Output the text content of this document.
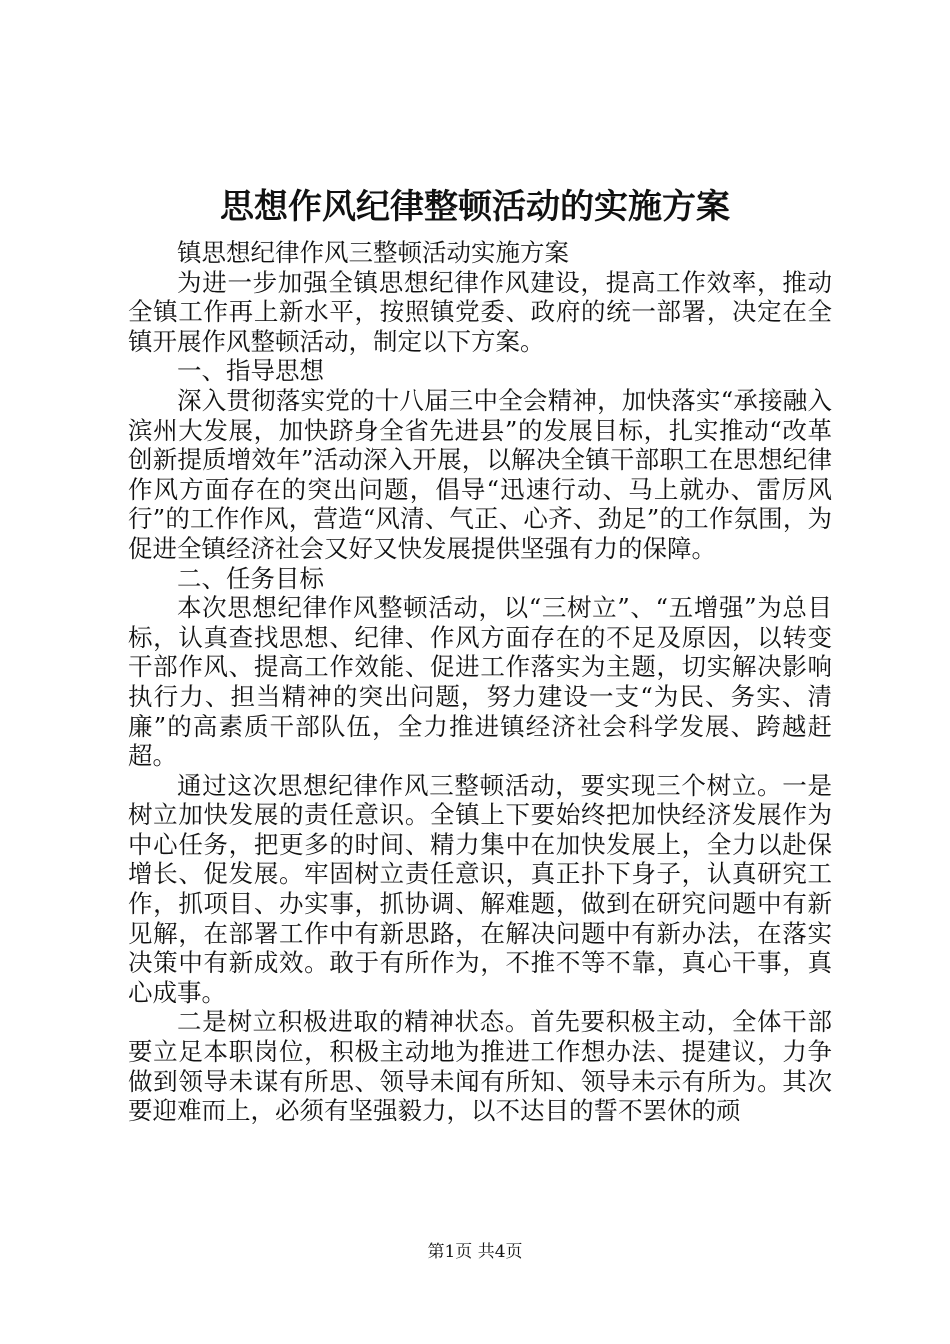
思想作风纪律整顿活动的实施方案

镇思想纪律作风三整顿活动实施方案

为进一步加强全镇思想纪律作风建设，提高工作效率，推动全镇工作再上新水平，按照镇党委、政府的统一部署，决定在全镇开展作风整顿活动，制定以下方案。

一、指导思想

深入贯彻落实党的十八届三中全会精神，加快落实“承接融入滨州大发展，加快跻身全省先进县”的发展目标，扎实推动“改革创新提质增效年”活动深入开展，以解决全镇干部职工在思想纪律作风方面存在的突出问题，倡导“迅速行动、马上就办、雷厉风行”的工作作风，营造“风清、气正、心齐、劲足”的工作氛围，为促进全镇经济社会又好又快发展提供坚强有力的保障。

二、任务目标

本次思想纪律作风整顿活动，以“三树立”、“五增强”为总目标，认真查找思想、纪律、作风方面存在的不足及原因，以转变干部作风、提高工作效能、促进工作落实为主题，切实解决影响执行力、担当精神的突出问题，努力建设一支“为民、务实、清廉”的高素质干部队伍，全力推进镇经济社会科学发展、跨越赶超。

通过这次思想纪律作风三整顿活动，要实现三个树立。一是树立加快发展的责任意识。全镇上下要始终把加快经济发展作为中心任务，把更多的时间、精力集中在加快发展上，全力以赴保增长、促发展。牢固树立责任意识，真正扑下身子，认真研究工作，抓项目、办实事，抓协调、解难题，做到在研究问题中有新见解，在部署工作中有新思路，在解决问题中有新办法，在落实决策中有新成效。敢于有所作为，不推不等不靠，真心干事，真心成事。

二是树立积极进取的精神状态。首先要积极主动，全体干部要立足本职岗位，积极主动地为推进工作想办法、提建议，力争做到领导未谋有所思、领导未闻有所知、领导未示有所为。其次要迎难而上，必须有坚强毅力，以不达目的誓不罢休的顽

第1页 共4页
